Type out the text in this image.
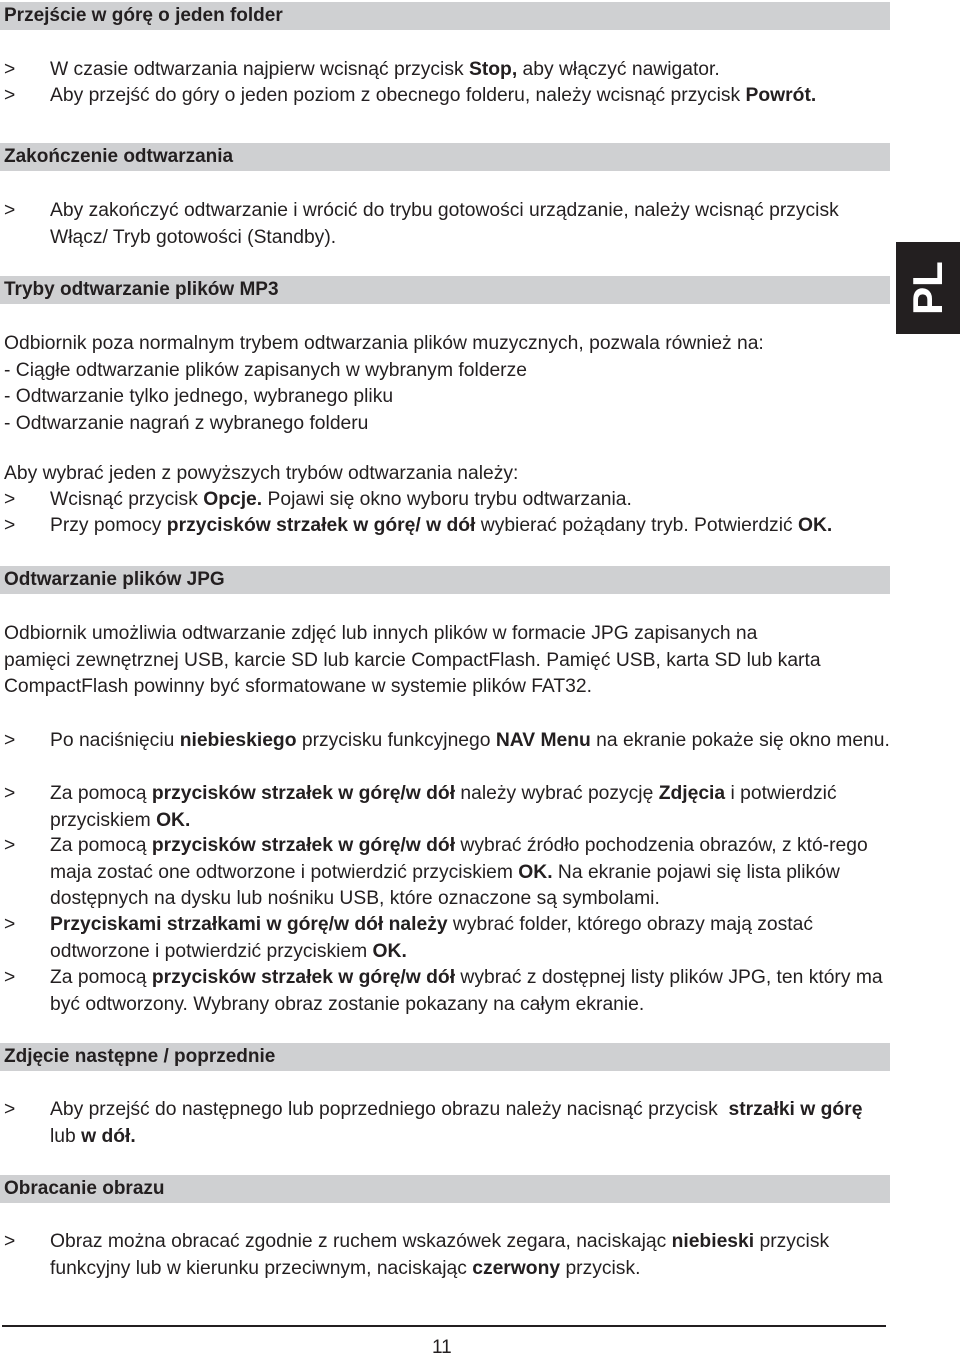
Przejście w górę o jeden folder
> W czasie odtwarzania najpierw wcisnąć przycisk Stop, aby włączyć nawigator.
> Aby przejść do góry o jeden poziom z obecnego folderu, należy wcisnąć przycisk Powrót.
Zakończenie odtwarzania
> Aby zakończyć odtwarzanie i wrócić do trybu gotowości urządzanie, należy wcisnąć przycisk Włącz/ Tryb gotowości (Standby).
PL
Tryby odtwarzanie plików MP3
Odbiornik poza normalnym trybem odtwarzania plików muzycznych, pozwala również na:
- Ciągłe odtwarzanie plików zapisanych w wybranym folderze
- Odtwarzanie tylko jednego, wybranego pliku
- Odtwarzanie nagrań z wybranego folderu
Aby wybrać jeden z powyższych trybów odtwarzania należy:
> Wcisnąć przycisk Opcje. Pojawi się okno wyboru trybu odtwarzania.
> Przy pomocy przycisków strzałek w górę/ w dół wybierać pożądany tryb. Potwierdzić OK.
Odtwarzanie plików JPG
Odbiornik umożliwia odtwarzanie zdjęć lub innych plików w formacie JPG zapisanych na
pamięci zewnętrznej USB, karcie SD lub karcie CompactFlash. Pamięć USB, karta SD lub karta
CompactFlash powinny być sformatowane w systemie plików FAT32.
> Po naciśnięciu niebieskiego przycisku funkcyjnego NAV Menu na ekranie pokaże się okno menu.
> Za pomocą przycisków strzałek w górę/w dół należy wybrać pozycję Zdjęcia i potwierdzić przyciskiem OK.
> Za pomocą przycisków strzałek w górę/w dół wybrać źródło pochodzenia obrazów, z któ-rego maja zostać one odtworzone i potwierdzić przyciskiem OK. Na ekranie pojawi się lista plików dostępnych na dysku lub nośniku USB, które oznaczone są symbolami.
> Przyciskami strzałkami w górę/w dół należy wybrać folder, którego obrazy mają zostać odtworzone i potwierdzić przyciskiem OK.
> Za pomocą przycisków strzałek w górę/w dół wybrać z dostępnej listy plików JPG, ten który ma być odtworzony. Wybrany obraz zostanie pokazany na całym ekranie.
Zdjęcie następne / poprzednie
> Aby przejść do następnego lub poprzedniego obrazu należy nacisnąć przycisk  strzałki w górę lub w dół.
Obracanie obrazu
> Obraz można obracać zgodnie z ruchem wskazówek zegara, naciskając niebieski przycisk funkcyjny lub w kierunku przeciwnym, naciskając czerwony przycisk.
11
